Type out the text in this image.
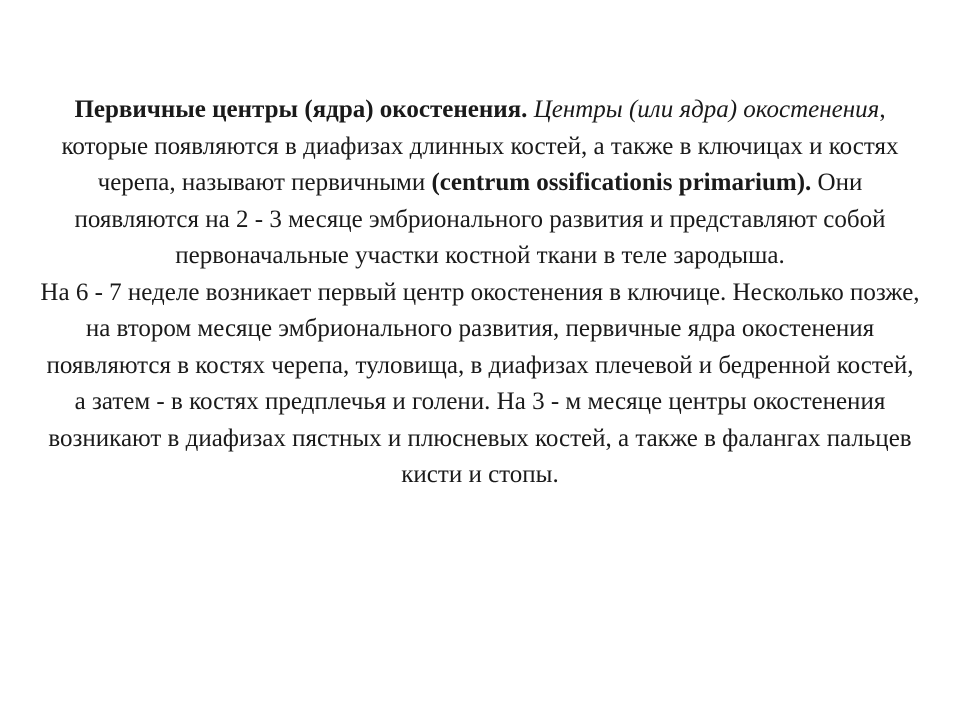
Первичные центры (ядра) окостенения. Центры (или ядра) окостенения, которые появляются в диафизах длинных костей, а также в ключицах и костях черепа, называют первичными (centrum ossificationis primarium). Они появляются на 2 - 3 месяце эмбрионального развития и представляют собой первоначальные участки костной ткани в теле зародыша.

На 6 - 7 неделе возникает первый центр окостенения в ключице. Несколько позже, на втором месяце эмбрионального развития, первичные ядра окостенения появляются в костях черепа, туловища, в диафизах плечевой и бедренной костей, а затем - в костях предплечья и голени. На 3 - м месяце центры окостенения возникают в диафизах пястных и плюсневых костей, а также в фалангах пальцев кисти и стопы.
